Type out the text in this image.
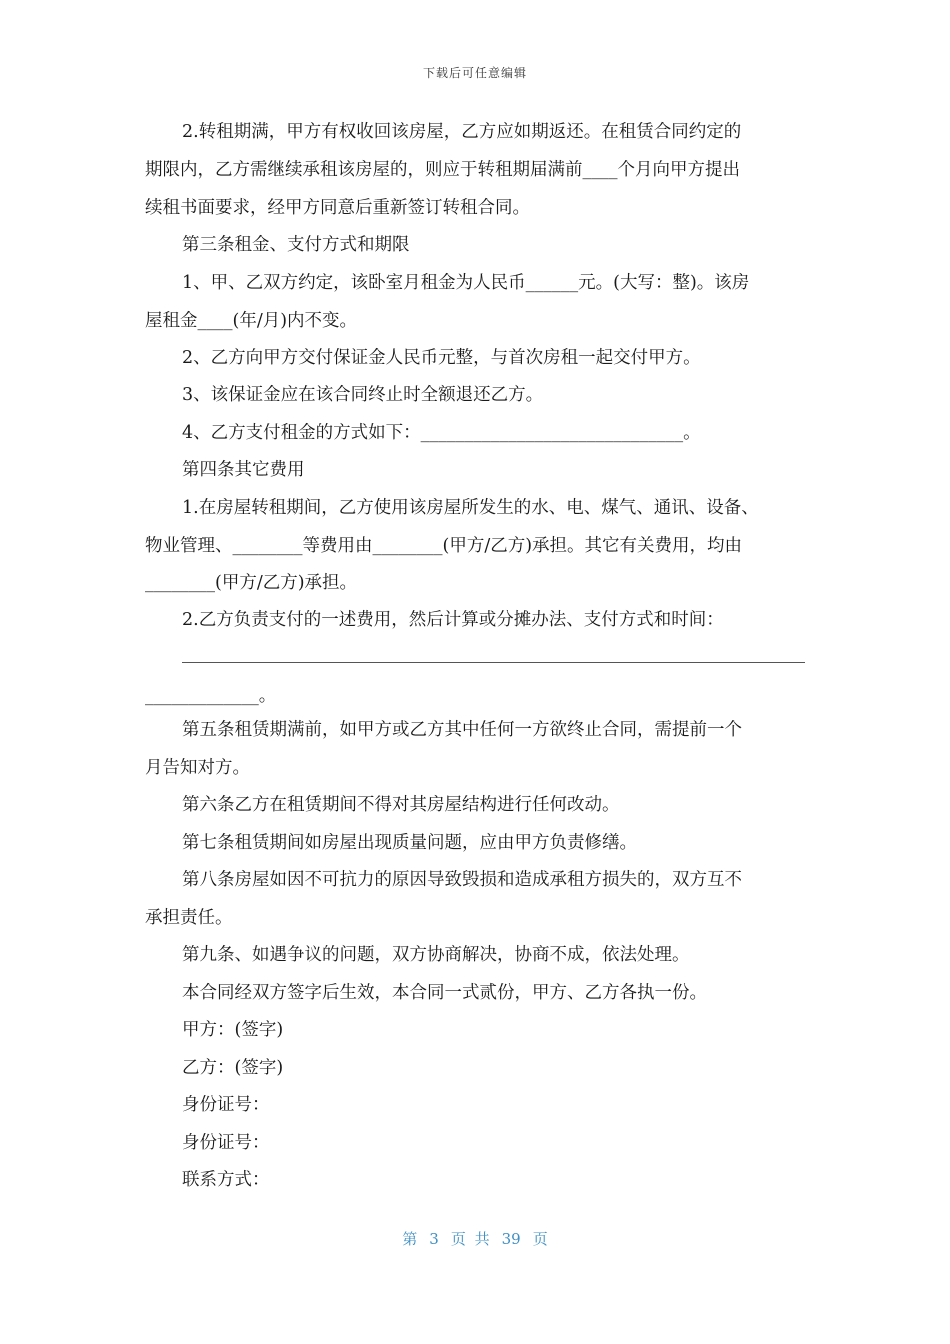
下载后可任意编辑
2.转租期满，甲方有权收回该房屋，乙方应如期返还。在租赁合同约定的
期限内，乙方需继续承租该房屋的，则应于转租期届满前____个月向甲方提出
续租书面要求，经甲方同意后重新签订转租合同。
第三条租金、支付方式和期限
1、甲、乙双方约定，该卧室月租金为人民币______元。(大写：整)。该房
屋租金____(年/月)内不变。
2、乙方向甲方交付保证金人民币元整，与首次房租一起交付甲方。
3、该保证金应在该合同终止时全额退还乙方。
4、乙方支付租金的方式如下：______________________________。
第四条其它费用
1.在房屋转租期间，乙方使用该房屋所发生的水、电、煤气、通讯、设备、
物业管理、________等费用由________(甲方/乙方)承担。其它有关费用，均由
________(甲方/乙方)承担。
2.乙方负责支付的一述费用，然后计算或分摊办法、支付方式和时间：
_____________。
第五条租赁期满前，如甲方或乙方其中任何一方欲终止合同，需提前一个
月告知对方。
第六条乙方在租赁期间不得对其房屋结构进行任何改动。
第七条租赁期间如房屋出现质量问题，应由甲方负责修缮。
第八条房屋如因不可抗力的原因导致毁损和造成承租方损失的，双方互不
承担责任。
第九条、如遇争议的问题，双方协商解决，协商不成，依法处理。
本合同经双方签字后生效，本合同一式贰份，甲方、乙方各执一份。
甲方：(签字)
乙方：(签字)
身份证号：
身份证号：
联系方式：
第 3 页 共 39 页
